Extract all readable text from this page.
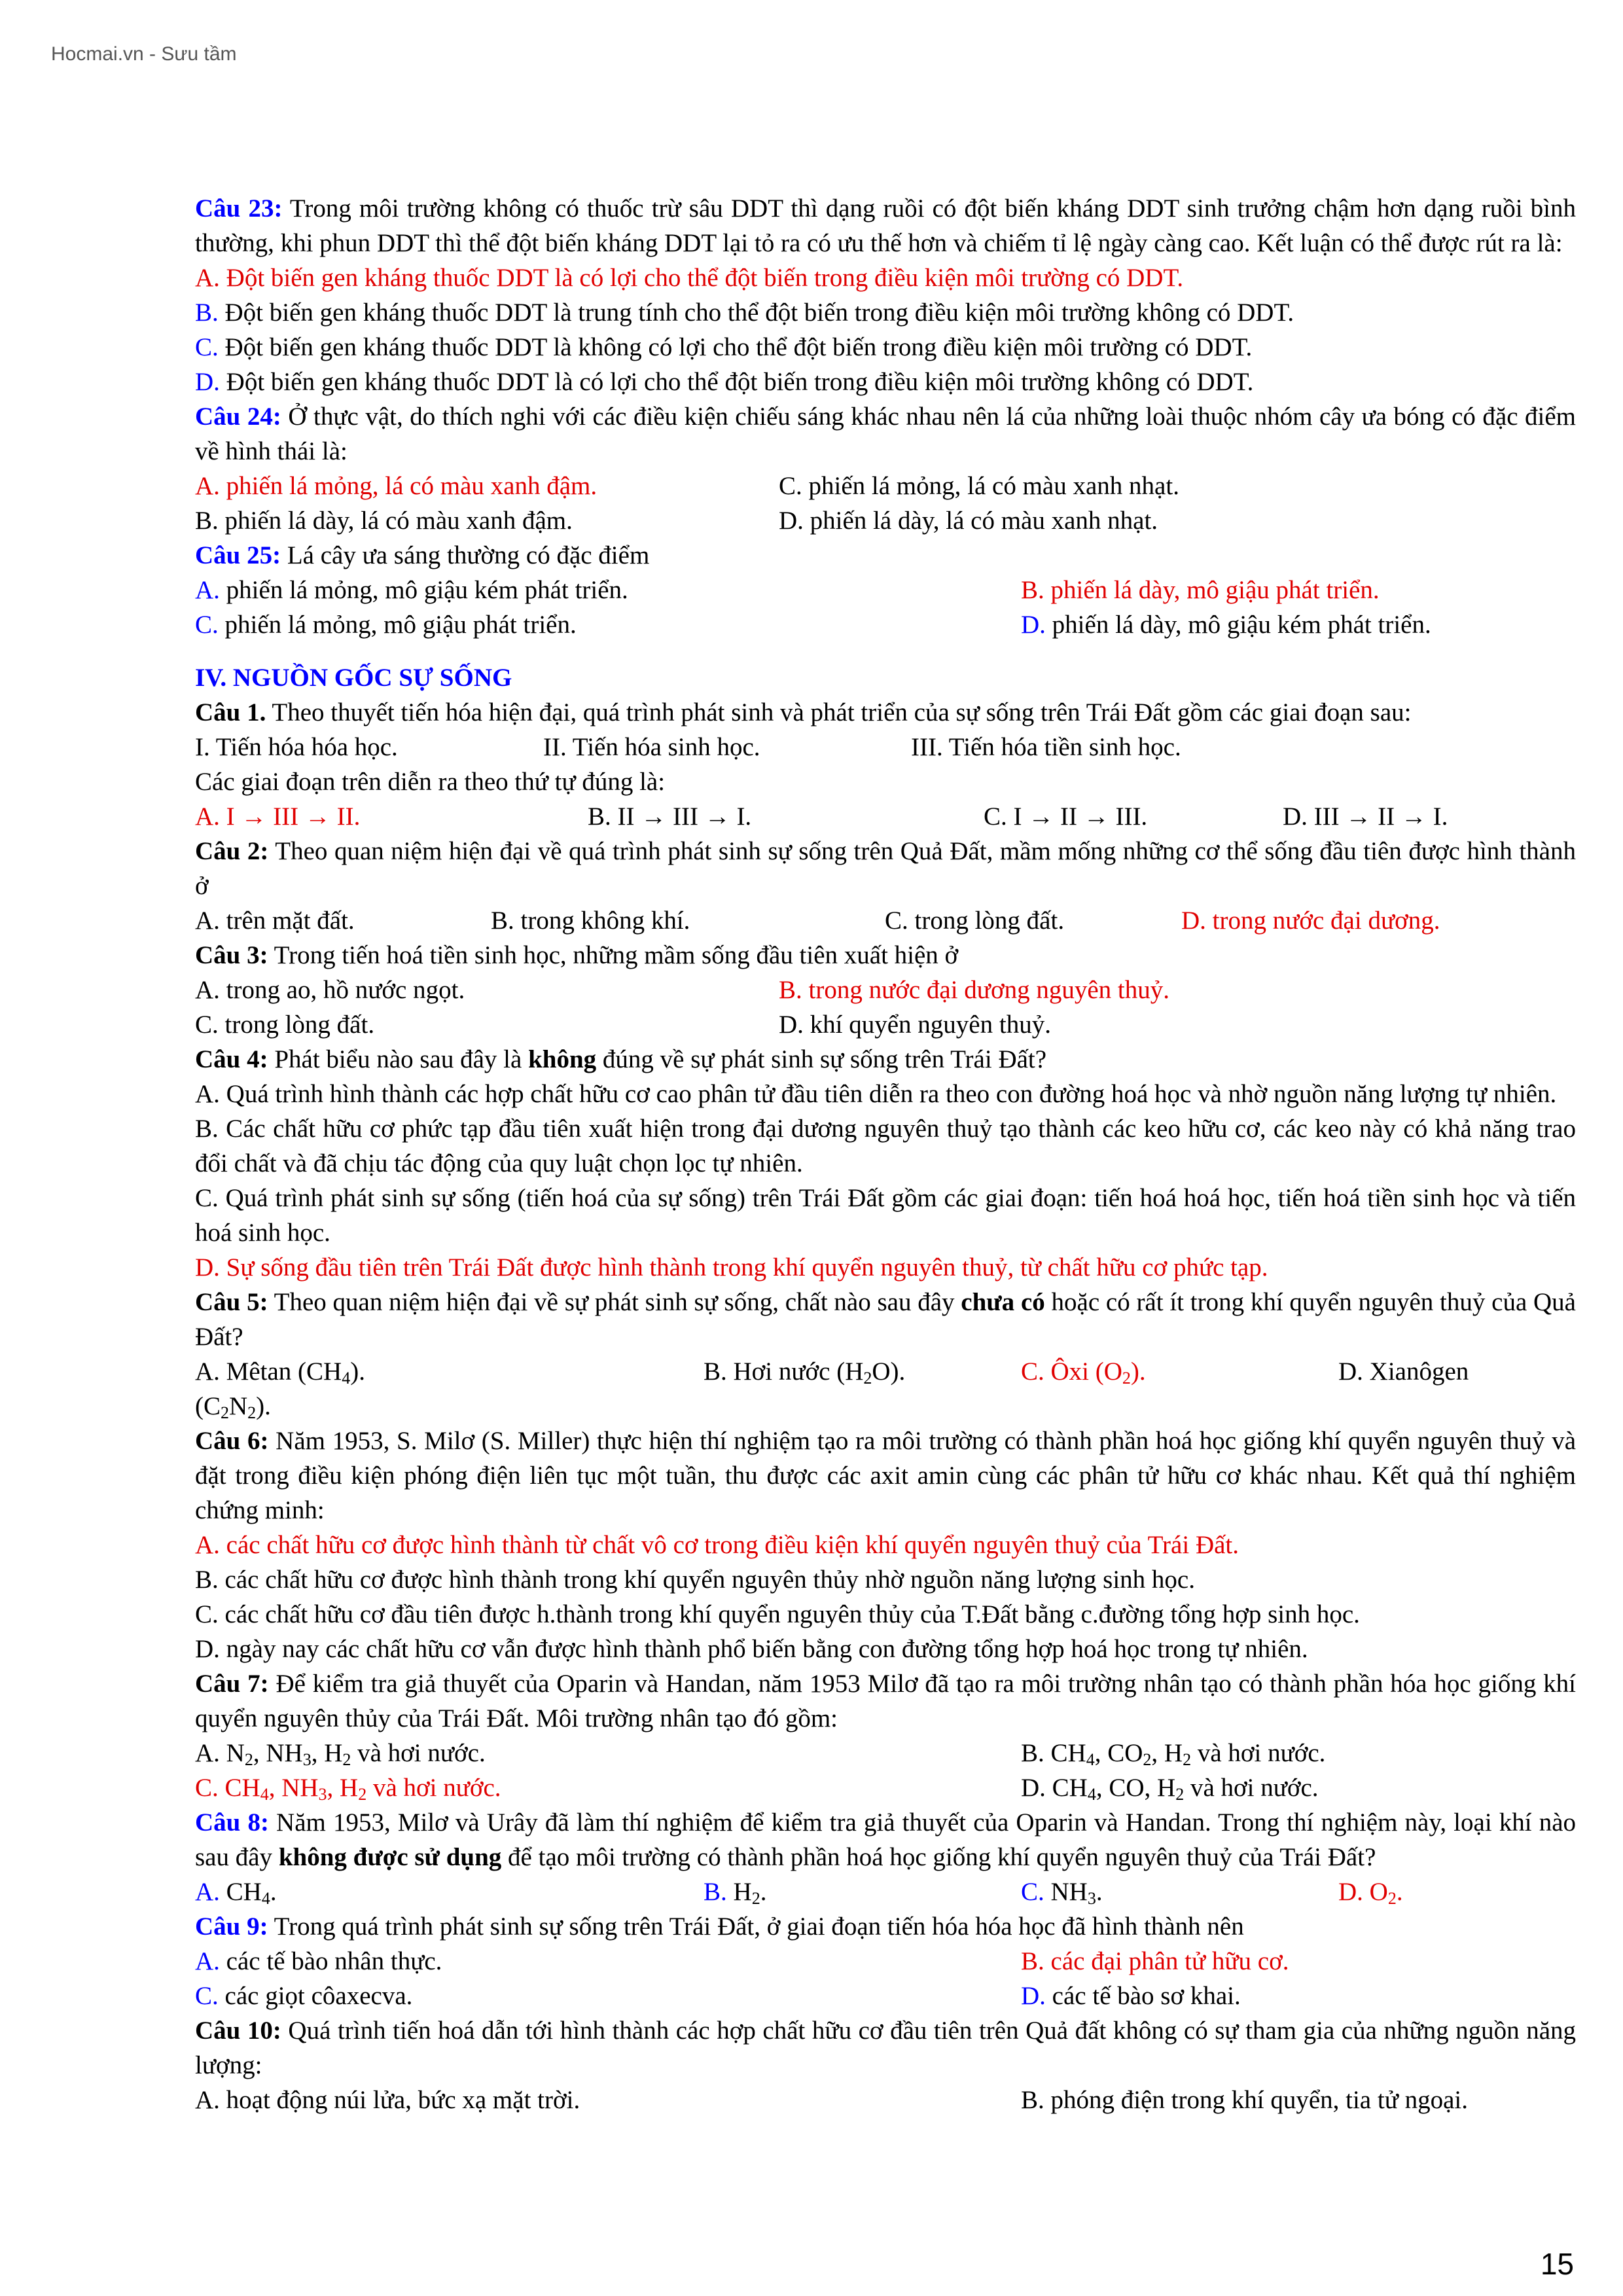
Hocmai.vn - Sưu tầm

Câu 23: Trong môi trường không có thuốc trừ sâu DDT thì dạng ruồi có đột biến kháng DDT sinh trưởng chậm hơn dạng ruồi bình thường, khi phun DDT thì thể đột biến kháng DDT lại tỏ ra có ưu thế hơn và chiếm tỉ lệ ngày càng cao. Kết luận có thể được rút ra là:

A. Đột biến gen kháng thuốc DDT là có lợi cho thể đột biến trong điều kiện môi trường có DDT.

B. Đột biến gen kháng thuốc DDT là trung tính cho thể đột biến trong điều kiện môi trường không có DDT.

C. Đột biến gen kháng thuốc DDT là không có lợi cho thể đột biến trong điều kiện môi trường có DDT.

D. Đột biến gen kháng thuốc DDT là có lợi cho thể đột biến trong điều kiện môi trường không có DDT.

Câu 24: Ở thực vật, do thích nghi với các điều kiện chiếu sáng khác nhau nên lá của những loài thuộc nhóm cây ưa bóng có đặc điểm về hình thái là:

A. phiến lá mỏng, lá có màu xanh đậm.	C. phiến lá mỏng, lá có màu xanh nhạt.
B. phiến lá dày, lá có màu xanh đậm.	D. phiến lá dày, lá có màu xanh nhạt.

Câu 25: Lá cây ưa sáng thường có đặc điểm

A. phiến lá mỏng, mô giậu kém phát triển.	B. phiến lá dày, mô giậu phát triển.
C. phiến lá mỏng, mô giậu phát triển.	D. phiến lá dày, mô giậu kém phát triển.

IV. NGUỒN GỐC SỰ SỐNG

Câu 1. Theo thuyết tiến hóa hiện đại, quá trình phát sinh và phát triển của sự sống trên Trái Đất gồm các giai đoạn sau:

I. Tiến hóa hóa học.	II. Tiến hóa sinh học.	III. Tiến hóa tiền sinh học.

Các giai đoạn trên diễn ra theo thứ tự đúng là:

A. I → III → II.	B. II → III → I.	C. I → II → III.	D. III → II → I.

Câu 2: Theo quan niệm hiện đại về quá trình phát sinh sự sống trên Quả Đất, mầm mống những cơ thể sống đầu tiên được hình thành ở

A. trên mặt đất.	B. trong không khí.	C. trong lòng đất.	D. trong nước đại dương.

Câu 3: Trong tiến hoá tiền sinh học, những mầm sống đầu tiên xuất hiện ở

A. trong ao, hồ nước ngọt.	B. trong nước đại dương nguyên thuỷ.
C. trong lòng đất.	D. khí quyển nguyên thuỷ.

Câu 4: Phát biểu nào sau đây là không đúng về sự phát sinh sự sống trên Trái Đất?

A. Quá trình hình thành các hợp chất hữu cơ cao phân tử đầu tiên diễn ra theo con đường hoá học và nhờ nguồn năng lượng tự nhiên.

B. Các chất hữu cơ phức tạp đầu tiên xuất hiện trong đại dương nguyên thuỷ tạo thành các keo hữu cơ, các keo này có khả năng trao đổi chất và đã chịu tác động của quy luật chọn lọc tự nhiên.

C. Quá trình phát sinh sự sống (tiến hoá của sự sống) trên Trái Đất gồm các giai đoạn: tiến hoá hoá học, tiến hoá tiền sinh học và tiến hoá sinh học.

D. Sự sống đầu tiên trên Trái Đất được hình thành trong khí quyển nguyên thuỷ, từ chất hữu cơ phức tạp.

Câu 5: Theo quan niệm hiện đại về sự phát sinh sự sống, chất nào sau đây chưa có hoặc có rất ít trong khí quyển nguyên thuỷ của Quả Đất?

A. Mêtan $(CH_4)$.	B. Hơi nước $(H_2O)$.	C. Ôxi $(O_2)$.	D. Xianôgen

$(C_2N_2)$.

Câu 6: Năm 1953, S. Milơ (S. Miller) thực hiện thí nghiệm tạo ra môi trường có thành phần hoá học giống khí quyển nguyên thuỷ và đặt trong điều kiện phóng điện liên tục một tuần, thu được các axit amin cùng các phân tử hữu cơ khác nhau. Kết quả thí nghiệm chứng minh:

A. các chất hữu cơ được hình thành từ chất vô cơ trong điều kiện khí quyển nguyên thuỷ của Trái Đất.

B. các chất hữu cơ được hình thành trong khí quyển nguyên thủy nhờ nguồn năng lượng sinh học.

C. các chất hữu cơ đầu tiên được h.thành trong khí quyển nguyên thủy của T.Đất bằng c.đường tổng hợp sinh học.

D. ngày nay các chất hữu cơ vẫn được hình thành phổ biến bằng con đường tổng hợp hoá học trong tự nhiên.

Câu 7: Để kiểm tra giả thuyết của Oparin và Handan, năm 1953 Milơ đã tạo ra môi trường nhân tạo có thành phần hóa học giống khí quyển nguyên thủy của Trái Đất. Môi trường nhân tạo đó gồm:

A. $N_2$, $NH_3$, $H_2$ và hơi nước.	B. $CH_4$, $CO_2$, $H_2$ và hơi nước.
C. $CH_4$, $NH_3$, $H_2$ và hơi nước.	D. $CH_4$, CO, $H_2$ và hơi nước.

Câu 8: Năm 1953, Milơ và Urây đã làm thí nghiệm để kiểm tra giả thuyết của Oparin và Handan. Trong thí nghiệm này, loại khí nào sau đây không được sử dụng để tạo môi trường có thành phần hoá học giống khí quyển nguyên thuỷ của Trái Đất?

A. $CH_4$.	B. $H_2$.	C. $NH_3$.	D. $O_2$.

Câu 9: Trong quá trình phát sinh sự sống trên Trái Đất, ở giai đoạn tiến hóa hóa học đã hình thành nên

A. các tế bào nhân thực.	B. các đại phân tử hữu cơ.
C. các giọt côaxecva.	D. các tế bào sơ khai.

Câu 10: Quá trình tiến hoá dẫn tới hình thành các hợp chất hữu cơ đầu tiên trên Quả đất không có sự tham gia của những nguồn năng lượng:

A. hoạt động núi lửa, bức xạ mặt trời.	B. phóng điện trong khí quyển, tia tử ngoại.
15
